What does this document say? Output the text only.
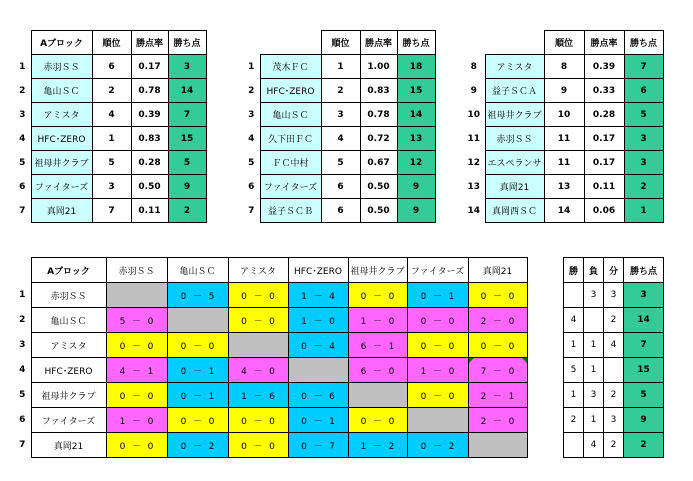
	Aブロック	順位	勝点率	勝ち点
1	赤羽ＳＳ	6	0.17	3
2	亀山ＳＣ	2	0.78	14
3	アミスタ	4	0.39	7
4	HFC･ZERO	1	0.83	15
5	祖母井クラブ	5	0.28	5
6	ファイターズ	3	0.50	9
7	真岡21	7	0.11	2
		順位	勝点率	勝ち点
1	茂木ＦＣ	1	1.00	18
2	HFC･ZERO	2	0.83	15
3	亀山ＳＣ	3	0.78	14
4	久下田ＦＣ	4	0.72	13
5	ＦＣ中村	5	0.67	12
6	ファイターズ	6	0.50	9
7	益子ＳＣＢ	6	0.50	9
		順位	勝点率	勝ち点
8	アミスタ	8	0.39	7
9	益子ＳＣＡ	9	0.33	6
10	祖母井クラブ	10	0.28	5
11	赤羽ＳＳ	11	0.17	3
12	エスペランサ	11	0.17	3
13	真岡21	13	0.11	2
14	真岡西ＳＣ	14	0.06	1
	Aブロック	赤羽ＳＳ	亀山ＳＣ	アミスタ	HFC･ZERO	祖母井クラブ	ファイターズ	真岡21
1	赤羽ＳＳ		0 － 5	0 － 0	1 － 4	0 － 0	0 － 1	0 － 0
2	亀山ＳＣ	5 － 0		0 － 0	1 － 0	1 － 0	0 － 0	2 － 0
3	アミスタ	0 － 0	0 － 0		0 － 4	6 － 1	0 － 0	0 － 0
4	HFC･ZERO	4 － 1	0 － 1	4 － 0		6 － 0	1 － 0	7 － 0
5	祖母井クラブ	0 － 0	0 － 1	1 － 6	0 － 6		0 － 0	2 － 1
6	ファイターズ	1 － 0	0 － 0	0 － 0	0 － 1	0 － 0		2 － 0
7	真岡21	0 － 0	0 － 2	0 － 0	0 － 7	1 － 2	0 － 2	
勝	負	分	勝ち点
	3	3	3
4		2	14
1	1	4	7
5	1		15
1	3	2	5
2	1	3	9
	4	2	2
